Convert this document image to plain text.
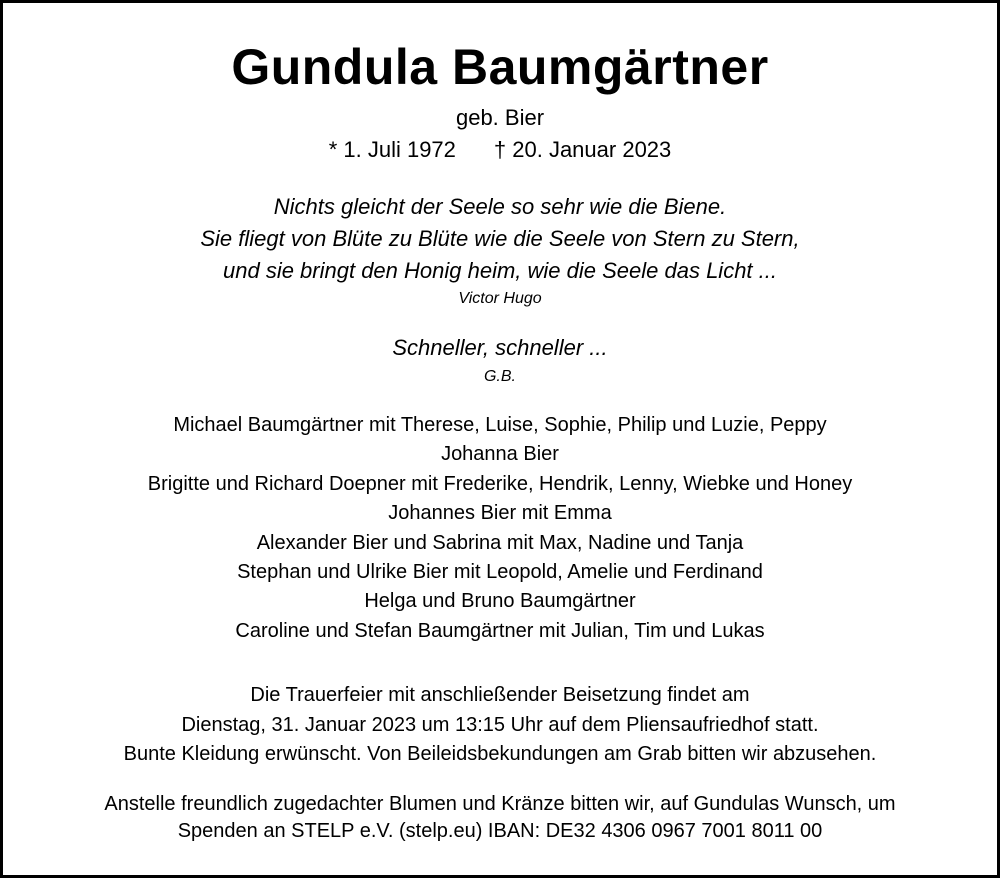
Gundula Baumgärtner
geb. Bier
* 1. Juli 1972 † 20. Januar 2023
Nichts gleicht der Seele so sehr wie die Biene.
Sie fliegt von Blüte zu Blüte wie die Seele von Stern zu Stern,
und sie bringt den Honig heim, wie die Seele das Licht ...
Victor Hugo
Schneller, schneller ...
G.B.
Michael Baumgärtner mit Therese, Luise, Sophie, Philip und Luzie, Peppy
Johanna Bier
Brigitte und Richard Doepner mit Frederike, Hendrik, Lenny, Wiebke und Honey
Johannes Bier mit Emma
Alexander Bier und Sabrina mit Max, Nadine und Tanja
Stephan und Ulrike Bier mit Leopold, Amelie und Ferdinand
Helga und Bruno Baumgärtner
Caroline und Stefan Baumgärtner mit Julian, Tim und Lukas
Die Trauerfeier mit anschließender Beisetzung findet am
Dienstag, 31. Januar 2023 um 13:15 Uhr auf dem Pliensaufriedhof statt.
Bunte Kleidung erwünscht. Von Beileidsbekundungen am Grab bitten wir abzusehen.
Anstelle freundlich zugedachter Blumen und Kränze bitten wir, auf Gundulas Wunsch, um
Spenden an STELP e.V. (stelp.eu) IBAN: DE32 4306 0967 7001 8011 00
